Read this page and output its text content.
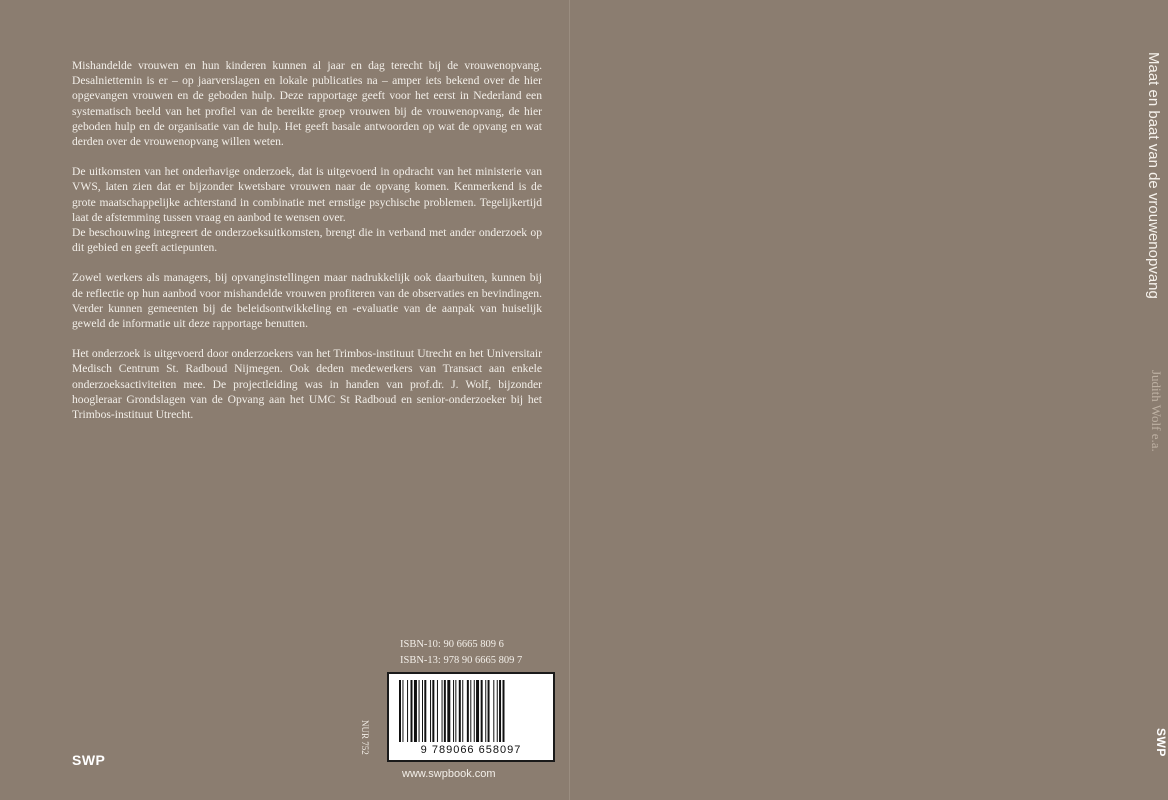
Mishandelde vrouwen en hun kinderen kunnen al jaar en dag terecht bij de vrouwenopvang. Desalniettemin is er – op jaarverslagen en lokale publicaties na – amper iets bekend over de hier opgevangen vrouwen en de geboden hulp. Deze rapportage geeft voor het eerst in Nederland een systematisch beeld van het profiel van de bereikte groep vrouwen bij de vrouwenopvang, de hier geboden hulp en de organisatie van de hulp. Het geeft basale antwoorden op wat de opvang en wat derden over de vrouwenopvang willen weten.

De uitkomsten van het onderhavige onderzoek, dat is uitgevoerd in opdracht van het ministerie van VWS, laten zien dat er bijzonder kwetsbare vrouwen naar de opvang komen. Kenmerkend is de grote maatschappelijke achterstand in combinatie met ernstige psychische problemen. Tegelijkertijd laat de afstemming tussen vraag en aanbod te wensen over.

De beschouwing integreert de onderzoeksuitkomsten, brengt die in verband met ander onderzoek op dit gebied en geeft actiepunten.

Zowel werkers als managers, bij opvanginstellingen maar nadrukkelijk ook daarbuiten, kunnen bij de reflectie op hun aanbod voor mishandelde vrouwen profiteren van de observaties en bevindingen. Verder kunnen gemeenten bij de beleidsontwikkeling en -evaluatie van de aanpak van huiselijk geweld de informatie uit deze rapportage benutten.

Het onderzoek is uitgevoerd door onderzoekers van het Trimbos-instituut Utrecht en het Universitair Medisch Centrum St. Radboud Nijmegen. Ook deden medewerkers van Transact aan enkele onderzoeksactiviteiten mee. De projectleiding was in handen van prof.dr. J. Wolf, bijzonder hoogleraar Grondslagen van de Opvang aan het UMC St Radboud en senior-onderzoeker bij het Trimbos-instituut Utrecht.

ISBN-10: 90 6665 809 6
ISBN-13: 978 90 6665 809 7
NUR 752	9 789066 658097
www.swpbook.com
SWP
Maat en baat van de vrouwenopvang
Judith Wolf e.a.
SWP
